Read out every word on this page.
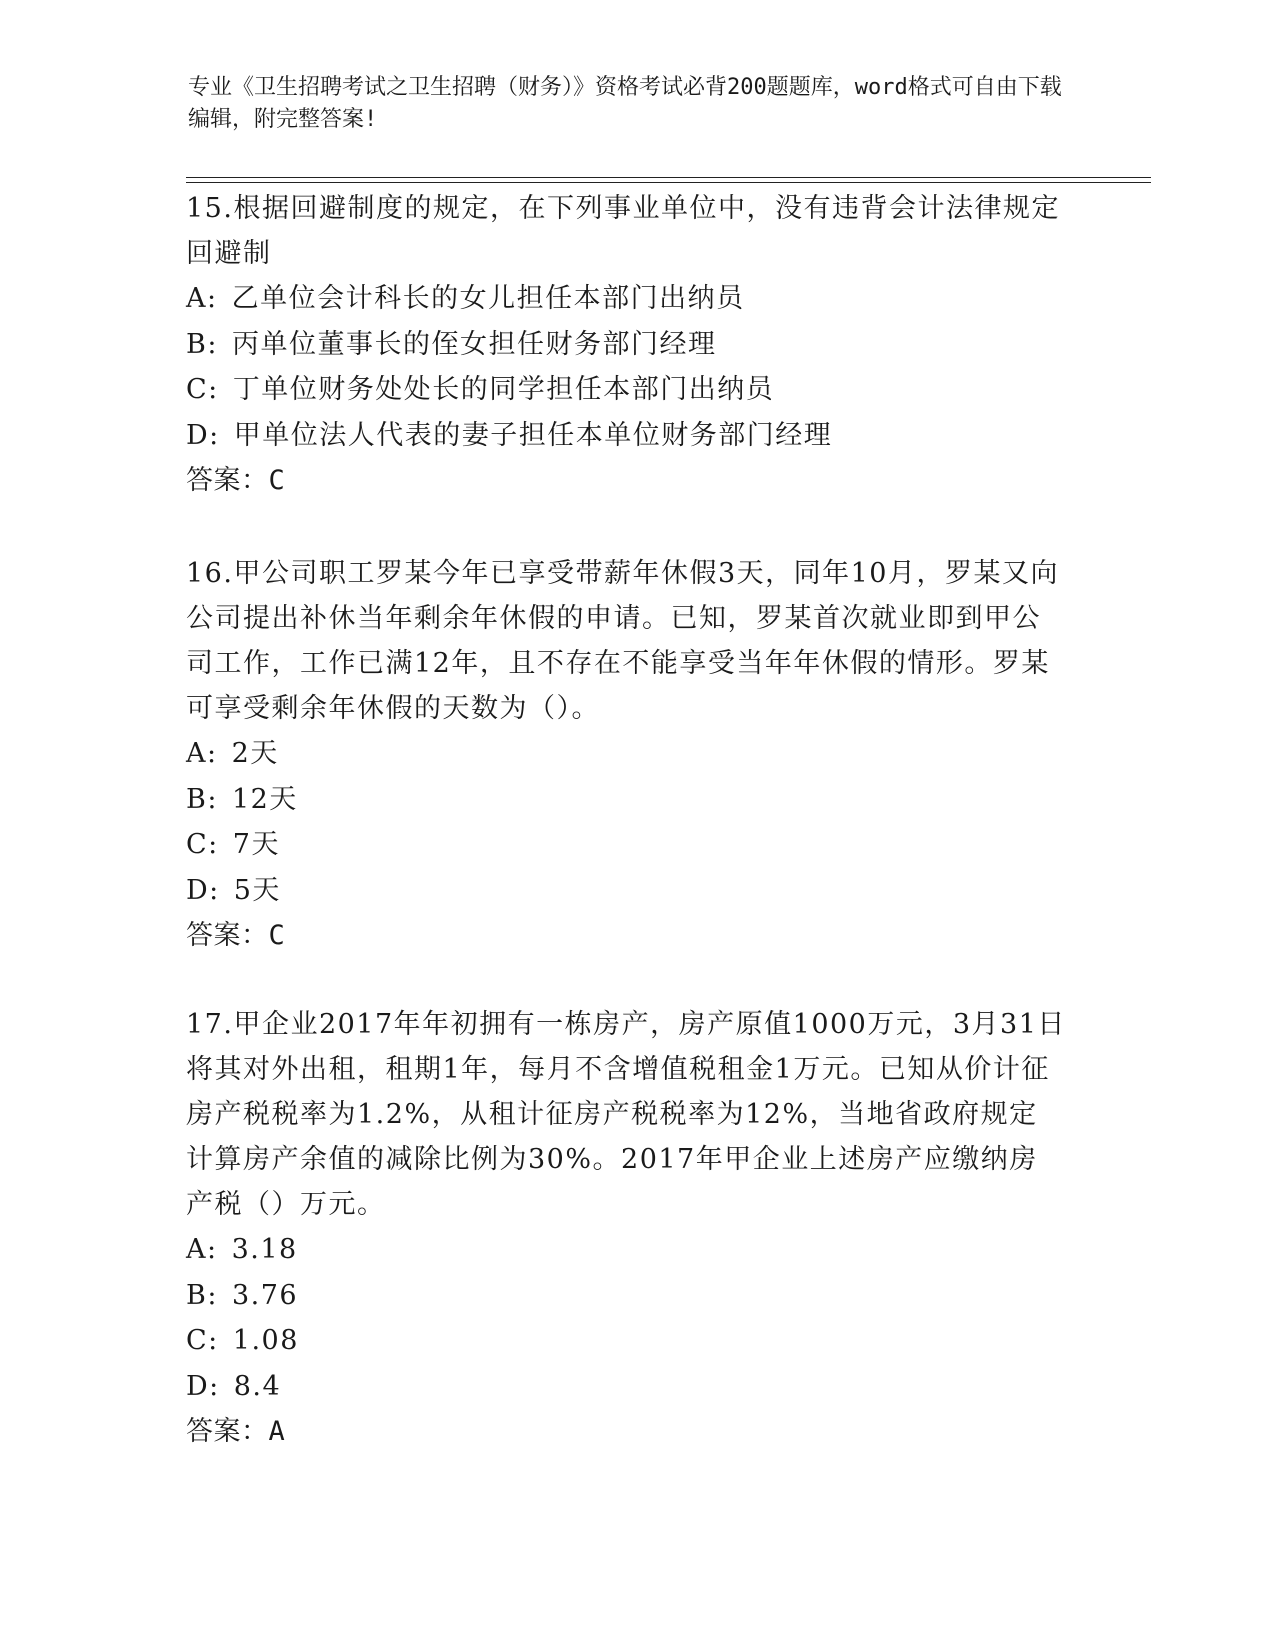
专业《卫生招聘考试之卫生招聘（财务）》资格考试必背200题题库，word格式可自由下载编辑，附完整答案!

15.根据回避制度的规定，在下列事业单位中，没有违背会计法律规定回避制

A: 乙单位会计科长的女儿担任本部门出纳员

B: 丙单位董事长的侄女担任财务部门经理

C: 丁单位财务处处长的同学担任本部门出纳员

D: 甲单位法人代表的妻子担任本单位财务部门经理

答案：C

16.甲公司职工罗某今年已享受带薪年休假3天，同年10月，罗某又向公司提出补休当年剩余年休假的申请。已知，罗某首次就业即到甲公司工作，工作已满12年，且不存在不能享受当年年休假的情形。罗某可享受剩余年休假的天数为（）。

A: 2天

B: 12天

C: 7天

D: 5天

答案：C

17.甲企业2017年年初拥有一栋房产，房产原值1000万元，3月31日将其对外出租，租期1年，每月不含增值税租金1万元。已知从价计征房产税税率为1.2%，从租计征房产税税率为12%，当地省政府规定计算房产余值的减除比例为30%。2017年甲企业上述房产应缴纳房产税（）万元。

A: 3.18

B: 3.76

C: 1.08

D: 8.4

答案：A
